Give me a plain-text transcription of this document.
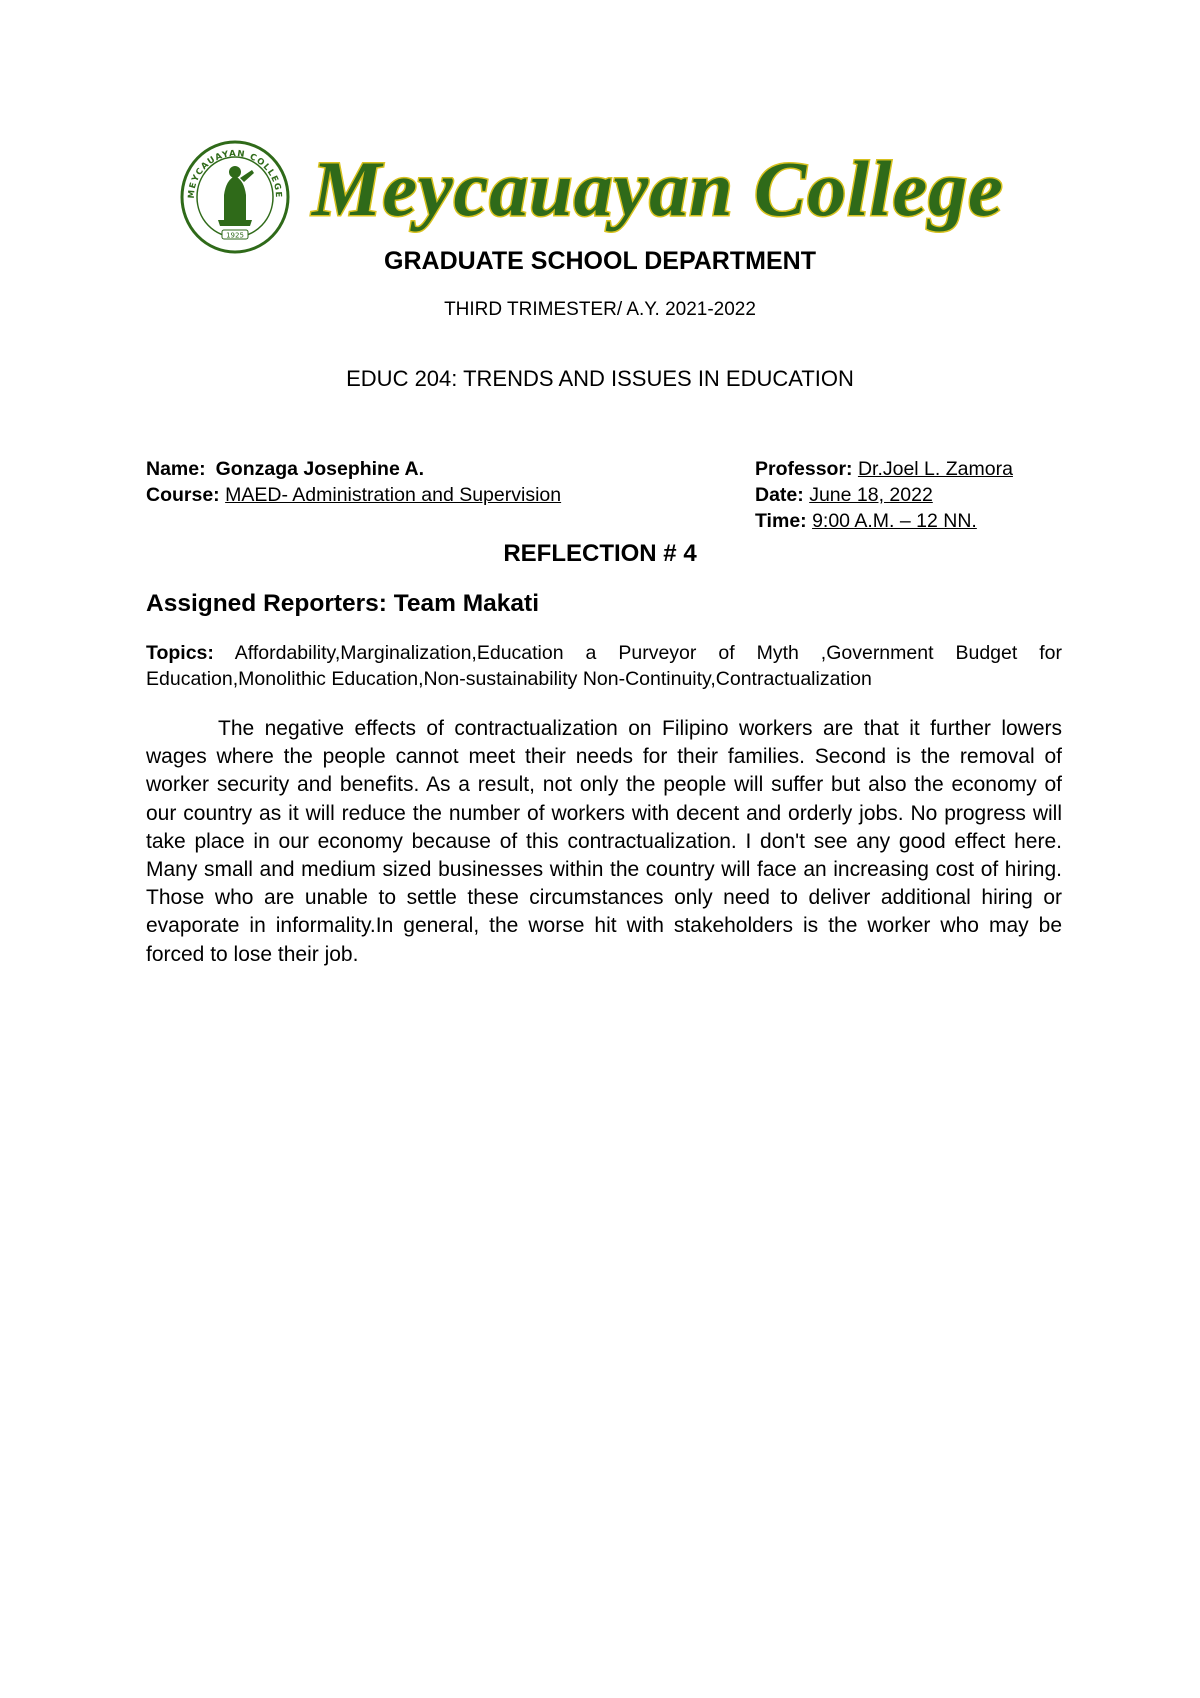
MEYCAUAYAN COLLEGE
1925
Meycauayan College
GRADUATE SCHOOL DEPARTMENT
THIRD TRIMESTER/ A.Y. 2021-2022
EDUC 204: TRENDS AND ISSUES IN EDUCATION
Name: Gonzaga Josephine A.
Course: MAED- Administration and Supervision
Professor: Dr.Joel L. Zamora
Date: June 18, 2022
Time: 9:00 A.M. – 12 NN.
REFLECTION # 4
Assigned Reporters: Team Makati
Topics: Affordability,Marginalization,Education a Purveyor of Myth ,Government Budget for Education,Monolithic Education,Non-sustainability Non-Continuity,Contractualization
The negative effects of contractualization on Filipino workers are that it further lowers wages where the people cannot meet their needs for their families. Second is the removal of worker security and benefits. As a result, not only the people will suffer but also the economy of our country as it will reduce the number of workers with decent and orderly jobs. No progress will take place in our economy because of this contractualization. I don't see any good effect here. Many small and medium sized businesses within the country will face an increasing cost of hiring. Those who are unable to settle these circumstances only need to deliver additional hiring or evaporate in informality.In general, the worse hit with stakeholders is the worker who may be forced to lose their job.
